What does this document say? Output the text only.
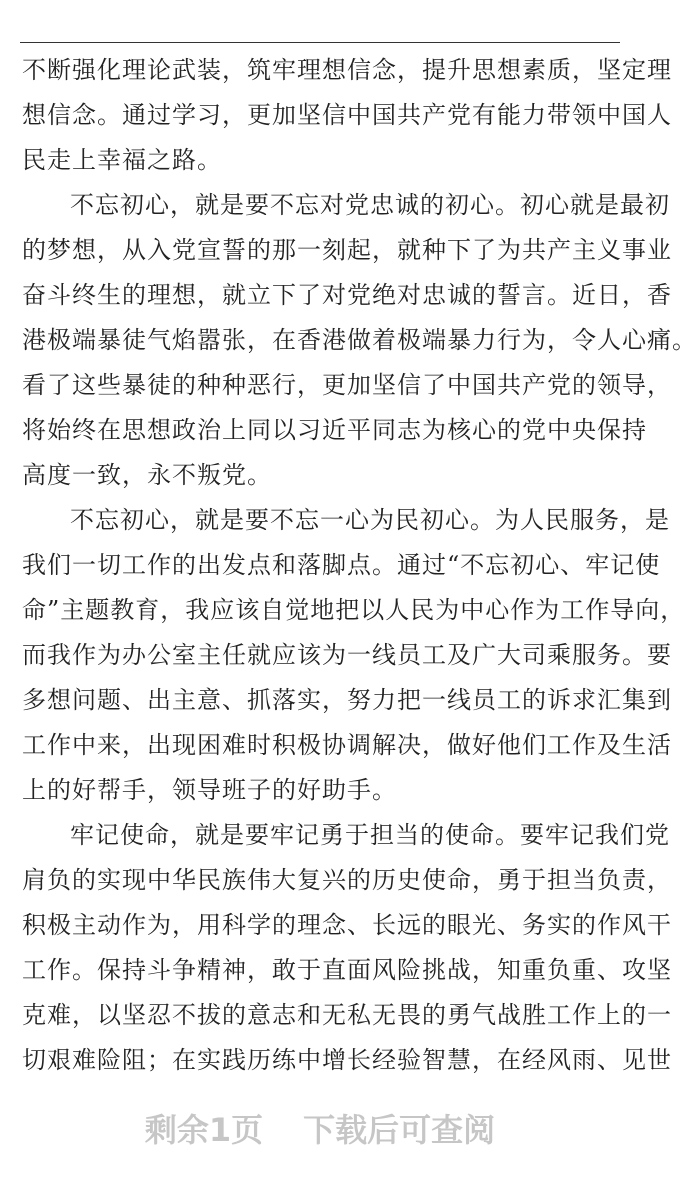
不断强化理论武装，筑牢理想信念，提升思想素质，坚定理
想信念。通过学习，更加坚信中国共产党有能力带领中国人
民走上幸福之路。
不忘初心，就是要不忘对党忠诚的初心。初心就是最初
的梦想，从入党宣誓的那一刻起，就种下了为共产主义事业
奋斗终生的理想，就立下了对党绝对忠诚的誓言。近日，香
港极端暴徒气焰嚣张，在香港做着极端暴力行为，令人心痛。
看了这些暴徒的种种恶行，更加坚信了中国共产党的领导，
将始终在思想政治上同以习近平同志为核心的党中央保持
高度一致，永不叛党。
不忘初心，就是要不忘一心为民初心。为人民服务，是
我们一切工作的出发点和落脚点。通过“不忘初心、牢记使
命”主题教育，我应该自觉地把以人民为中心作为工作导向，
而我作为办公室主任就应该为一线员工及广大司乘服务。要
多想问题、出主意、抓落实，努力把一线员工的诉求汇集到
工作中来，出现困难时积极协调解决，做好他们工作及生活
上的好帮手，领导班子的好助手。
牢记使命，就是要牢记勇于担当的使命。要牢记我们党
肩负的实现中华民族伟大复兴的历史使命，勇于担当负责，
积极主动作为，用科学的理念、长远的眼光、务实的作风干
工作。保持斗争精神，敢于直面风险挑战，知重负重、攻坚
克难，以坚忍不拔的意志和无私无畏的勇气战胜工作上的一
切艰难险阻；在实践历练中增长经验智慧，在经风雨、见世
剩余1页 下载后可查阅
